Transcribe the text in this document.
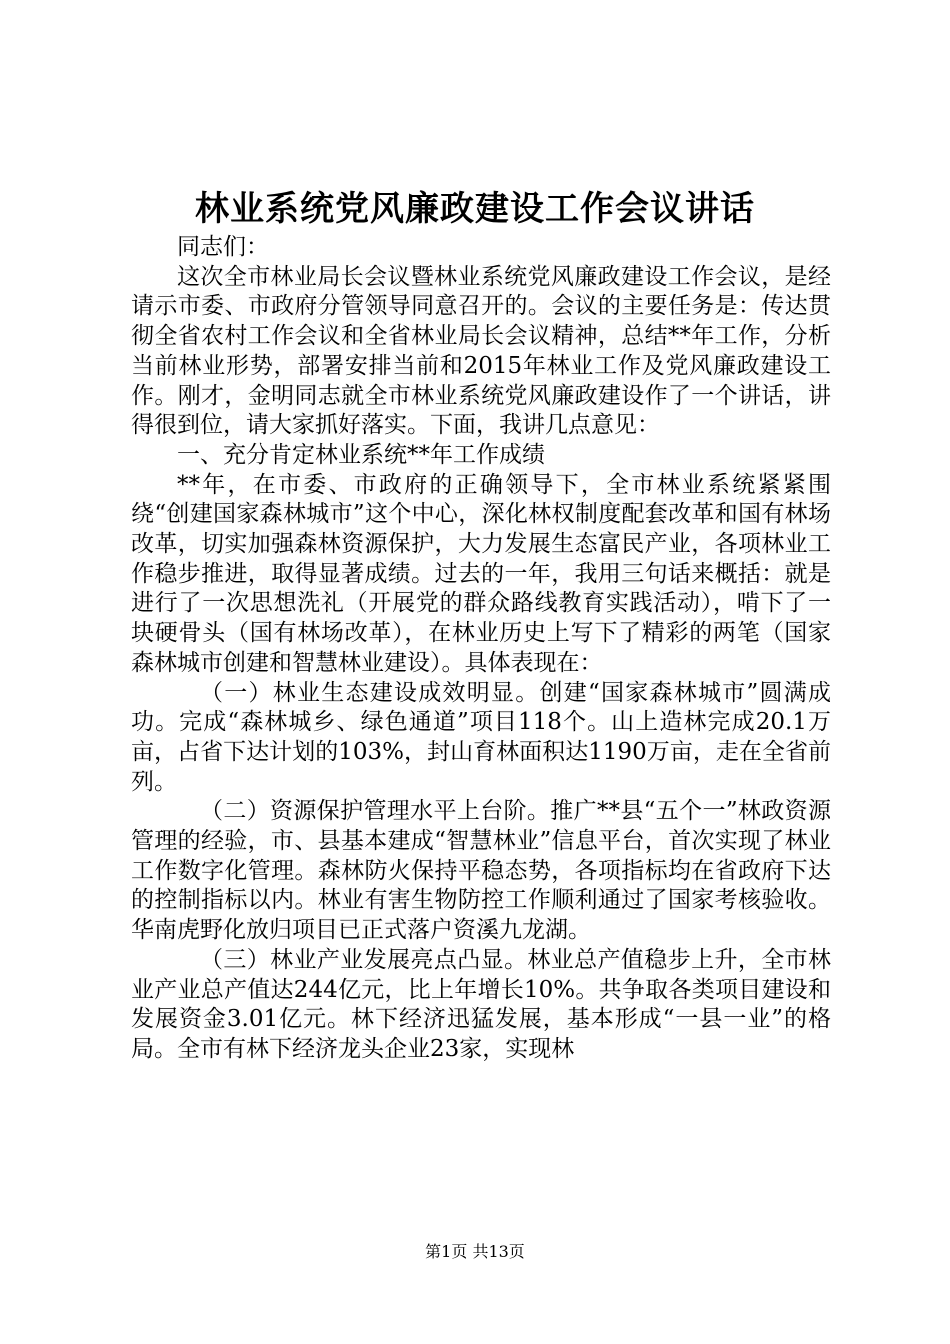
林业系统党风廉政建设工作会议讲话

同志们：

这次全市林业局长会议暨林业系统党风廉政建设工作会议，是经请示市委、市政府分管领导同意召开的。会议的主要任务是：传达贯彻全省农村工作会议和全省林业局长会议精神，总结**年工作，分析当前林业形势，部署安排当前和2015年林业工作及党风廉政建设工作。刚才，金明同志就全市林业系统党风廉政建设作了一个讲话，讲得很到位，请大家抓好落实。下面，我讲几点意见：

一、充分肯定林业系统**年工作成绩

**年，在市委、市政府的正确领导下，全市林业系统紧紧围绕“创建国家森林城市”这个中心，深化林权制度配套改革和国有林场改革，切实加强森林资源保护，大力发展生态富民产业，各项林业工作稳步推进，取得显著成绩。过去的一年，我用三句话来概括：就是进行了一次思想洗礼（开展党的群众路线教育实践活动），啃下了一块硬骨头（国有林场改革），在林业历史上写下了精彩的两笔（国家森林城市创建和智慧林业建设）。具体表现在：

（一）林业生态建设成效明显。创建“国家森林城市”圆满成功。完成“森林城乡、绿色通道”项目118个。山上造林完成20.1万亩，占省下达计划的103%，封山育林面积达1190万亩，走在全省前列。

（二）资源保护管理水平上台阶。推广**县“五个一”林政资源管理的经验，市、县基本建成“智慧林业”信息平台，首次实现了林业工作数字化管理。森林防火保持平稳态势，各项指标均在省政府下达的控制指标以内。林业有害生物防控工作顺利通过了国家考核验收。华南虎野化放归项目已正式落户资溪九龙湖。

（三）林业产业发展亮点凸显。林业总产值稳步上升，全市林业产业总产值达244亿元，比上年增长10%。共争取各类项目建设和发展资金3.01亿元。林下经济迅猛发展，基本形成“一县一业”的格局。全市有林下经济龙头企业23家，实现林

第1页 共13页
